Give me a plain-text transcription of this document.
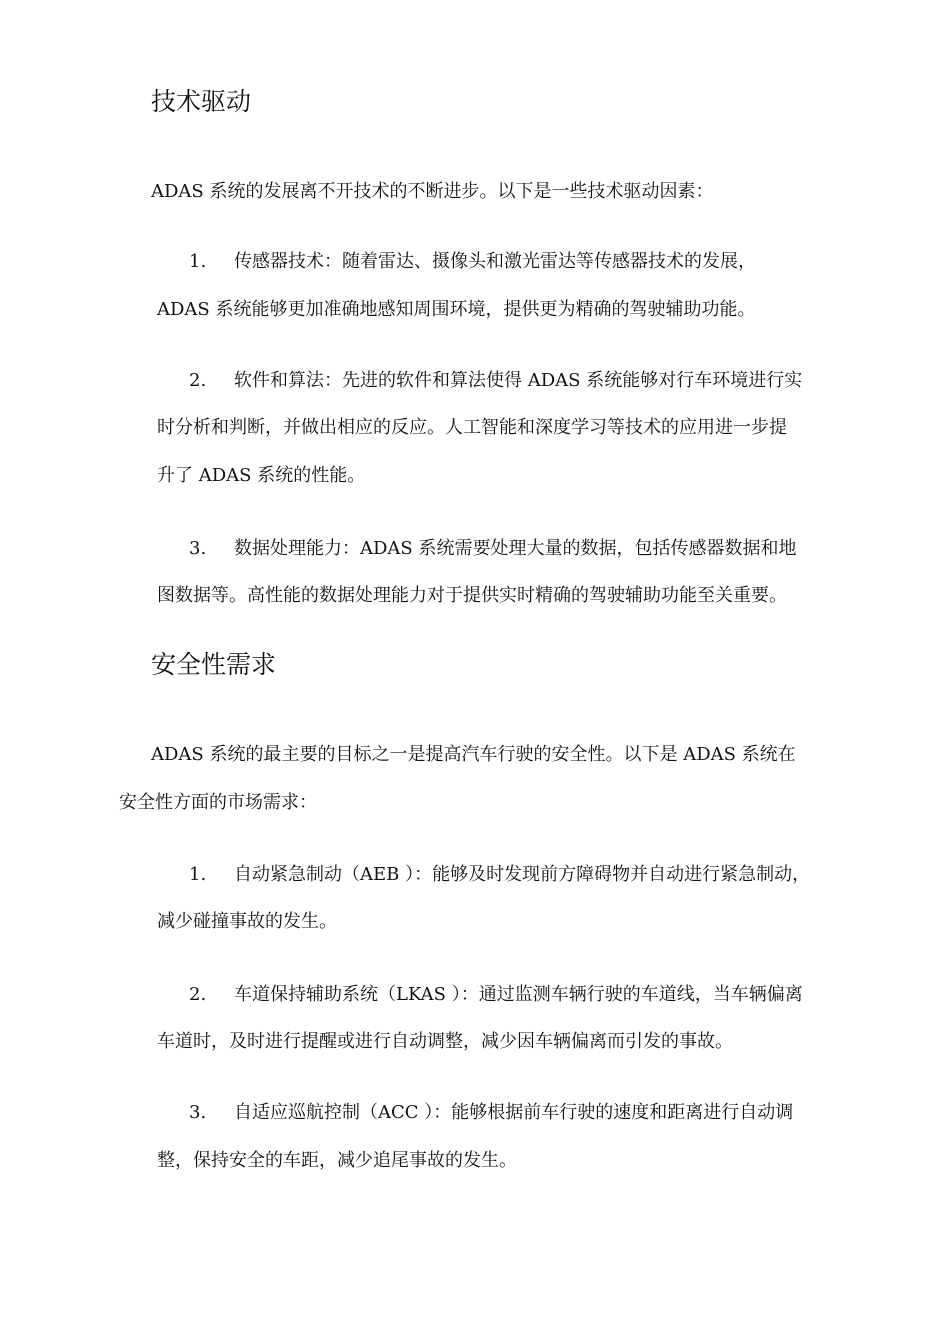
技术驱动

ADAS 系统的发展离不开技术的不断进步。以下是一些技术驱动因素：

1. 传感器技术：随着雷达、摄像头和激光雷达等传感器技术的发展，

ADAS 系统能够更加准确地感知周围环境，提供更为精确的驾驶辅助功能。

2. 软件和算法：先进的软件和算法使得 ADAS 系统能够对行车环境进行实

时分析和判断，并做出相应的反应。人工智能和深度学习等技术的应用进一步提

升了 ADAS 系统的性能。

3. 数据处理能力：ADAS 系统需要处理大量的数据，包括传感器数据和地

图数据等。高性能的数据处理能力对于提供实时精确的驾驶辅助功能至关重要。

安全性需求

ADAS 系统的最主要的目标之一是提高汽车行驶的安全性。以下是 ADAS 系统在

安全性方面的市场需求：

1. 自动紧急制动（AEB ）：能够及时发现前方障碍物并自动进行紧急制动，

减少碰撞事故的发生。

2. 车道保持辅助系统（LKAS ）：通过监测车辆行驶的车道线，当车辆偏离

车道时，及时进行提醒或进行自动调整，减少因车辆偏离而引发的事故。

3. 自适应巡航控制（ACC ）：能够根据前车行驶的速度和距离进行自动调

整，保持安全的车距，减少追尾事故的发生。
